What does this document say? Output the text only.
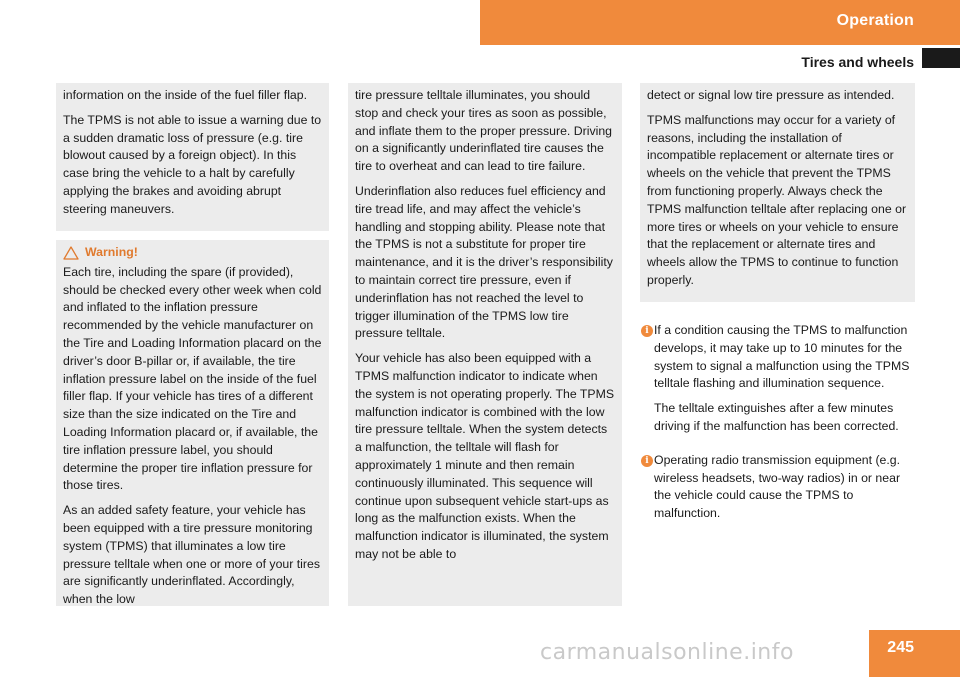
Operation
Tires and wheels

information on the inside of the fuel filler flap.

The TPMS is not able to issue a warning due to a sudden dramatic loss of pressure (e.g. tire blowout caused by a foreign object). In this case bring the vehicle to a halt by carefully applying the brakes and avoiding abrupt steering maneuvers.

Warning!

Each tire, including the spare (if provided), should be checked every other week when cold and inflated to the inflation pressure recommended by the vehicle manufacturer on the Tire and Loading Information placard on the driver’s door B-pillar or, if available, the tire inflation pressure label on the inside of the fuel filler flap. If your vehicle has tires of a different size than the size indicated on the Tire and Loading Information placard or, if available, the tire inflation pressure label, you should determine the proper tire inflation pressure for those tires.

As an added safety feature, your vehicle has been equipped with a tire pressure monitoring system (TPMS) that illuminates a low tire pressure telltale when one or more of your tires are significantly underinflated. Accordingly, when the low

tire pressure telltale illuminates, you should stop and check your tires as soon as possible, and inflate them to the proper pressure. Driving on a significantly underinflated tire causes the tire to overheat and can lead to tire failure.

Underinflation also reduces fuel efficiency and tire tread life, and may affect the vehicle’s handling and stopping ability. Please note that the TPMS is not a substitute for proper tire maintenance, and it is the driver’s responsibility to maintain correct tire pressure, even if underinflation has not reached the level to trigger illumination of the TPMS low tire pressure telltale.

Your vehicle has also been equipped with a TPMS malfunction indicator to indicate when the system is not operating properly. The TPMS malfunction indicator is combined with the low tire pressure telltale. When the system detects a malfunction, the telltale will flash for approximately 1 minute and then remain continuously illuminated. This sequence will continue upon subsequent vehicle start-ups as long as the malfunction exists. When the malfunction indicator is illuminated, the system may not be able to

detect or signal low tire pressure as intended.

TPMS malfunctions may occur for a variety of reasons, including the installation of incompatible replacement or alternate tires or wheels on the vehicle that prevent the TPMS from functioning properly. Always check the TPMS malfunction telltale after replacing one or more tires or wheels on your vehicle to ensure that the replacement or alternate tires and wheels allow the TPMS to continue to function properly.

i If a condition causing the TPMS to malfunction develops, it may take up to 10 minutes for the system to signal a malfunction using the TPMS telltale flashing and illumination sequence.

The telltale extinguishes after a few minutes driving if the malfunction has been corrected.

i Operating radio transmission equipment (e.g. wireless headsets, two-way radios) in or near the vehicle could cause the TPMS to malfunction.

carmanualsonline.info	245
